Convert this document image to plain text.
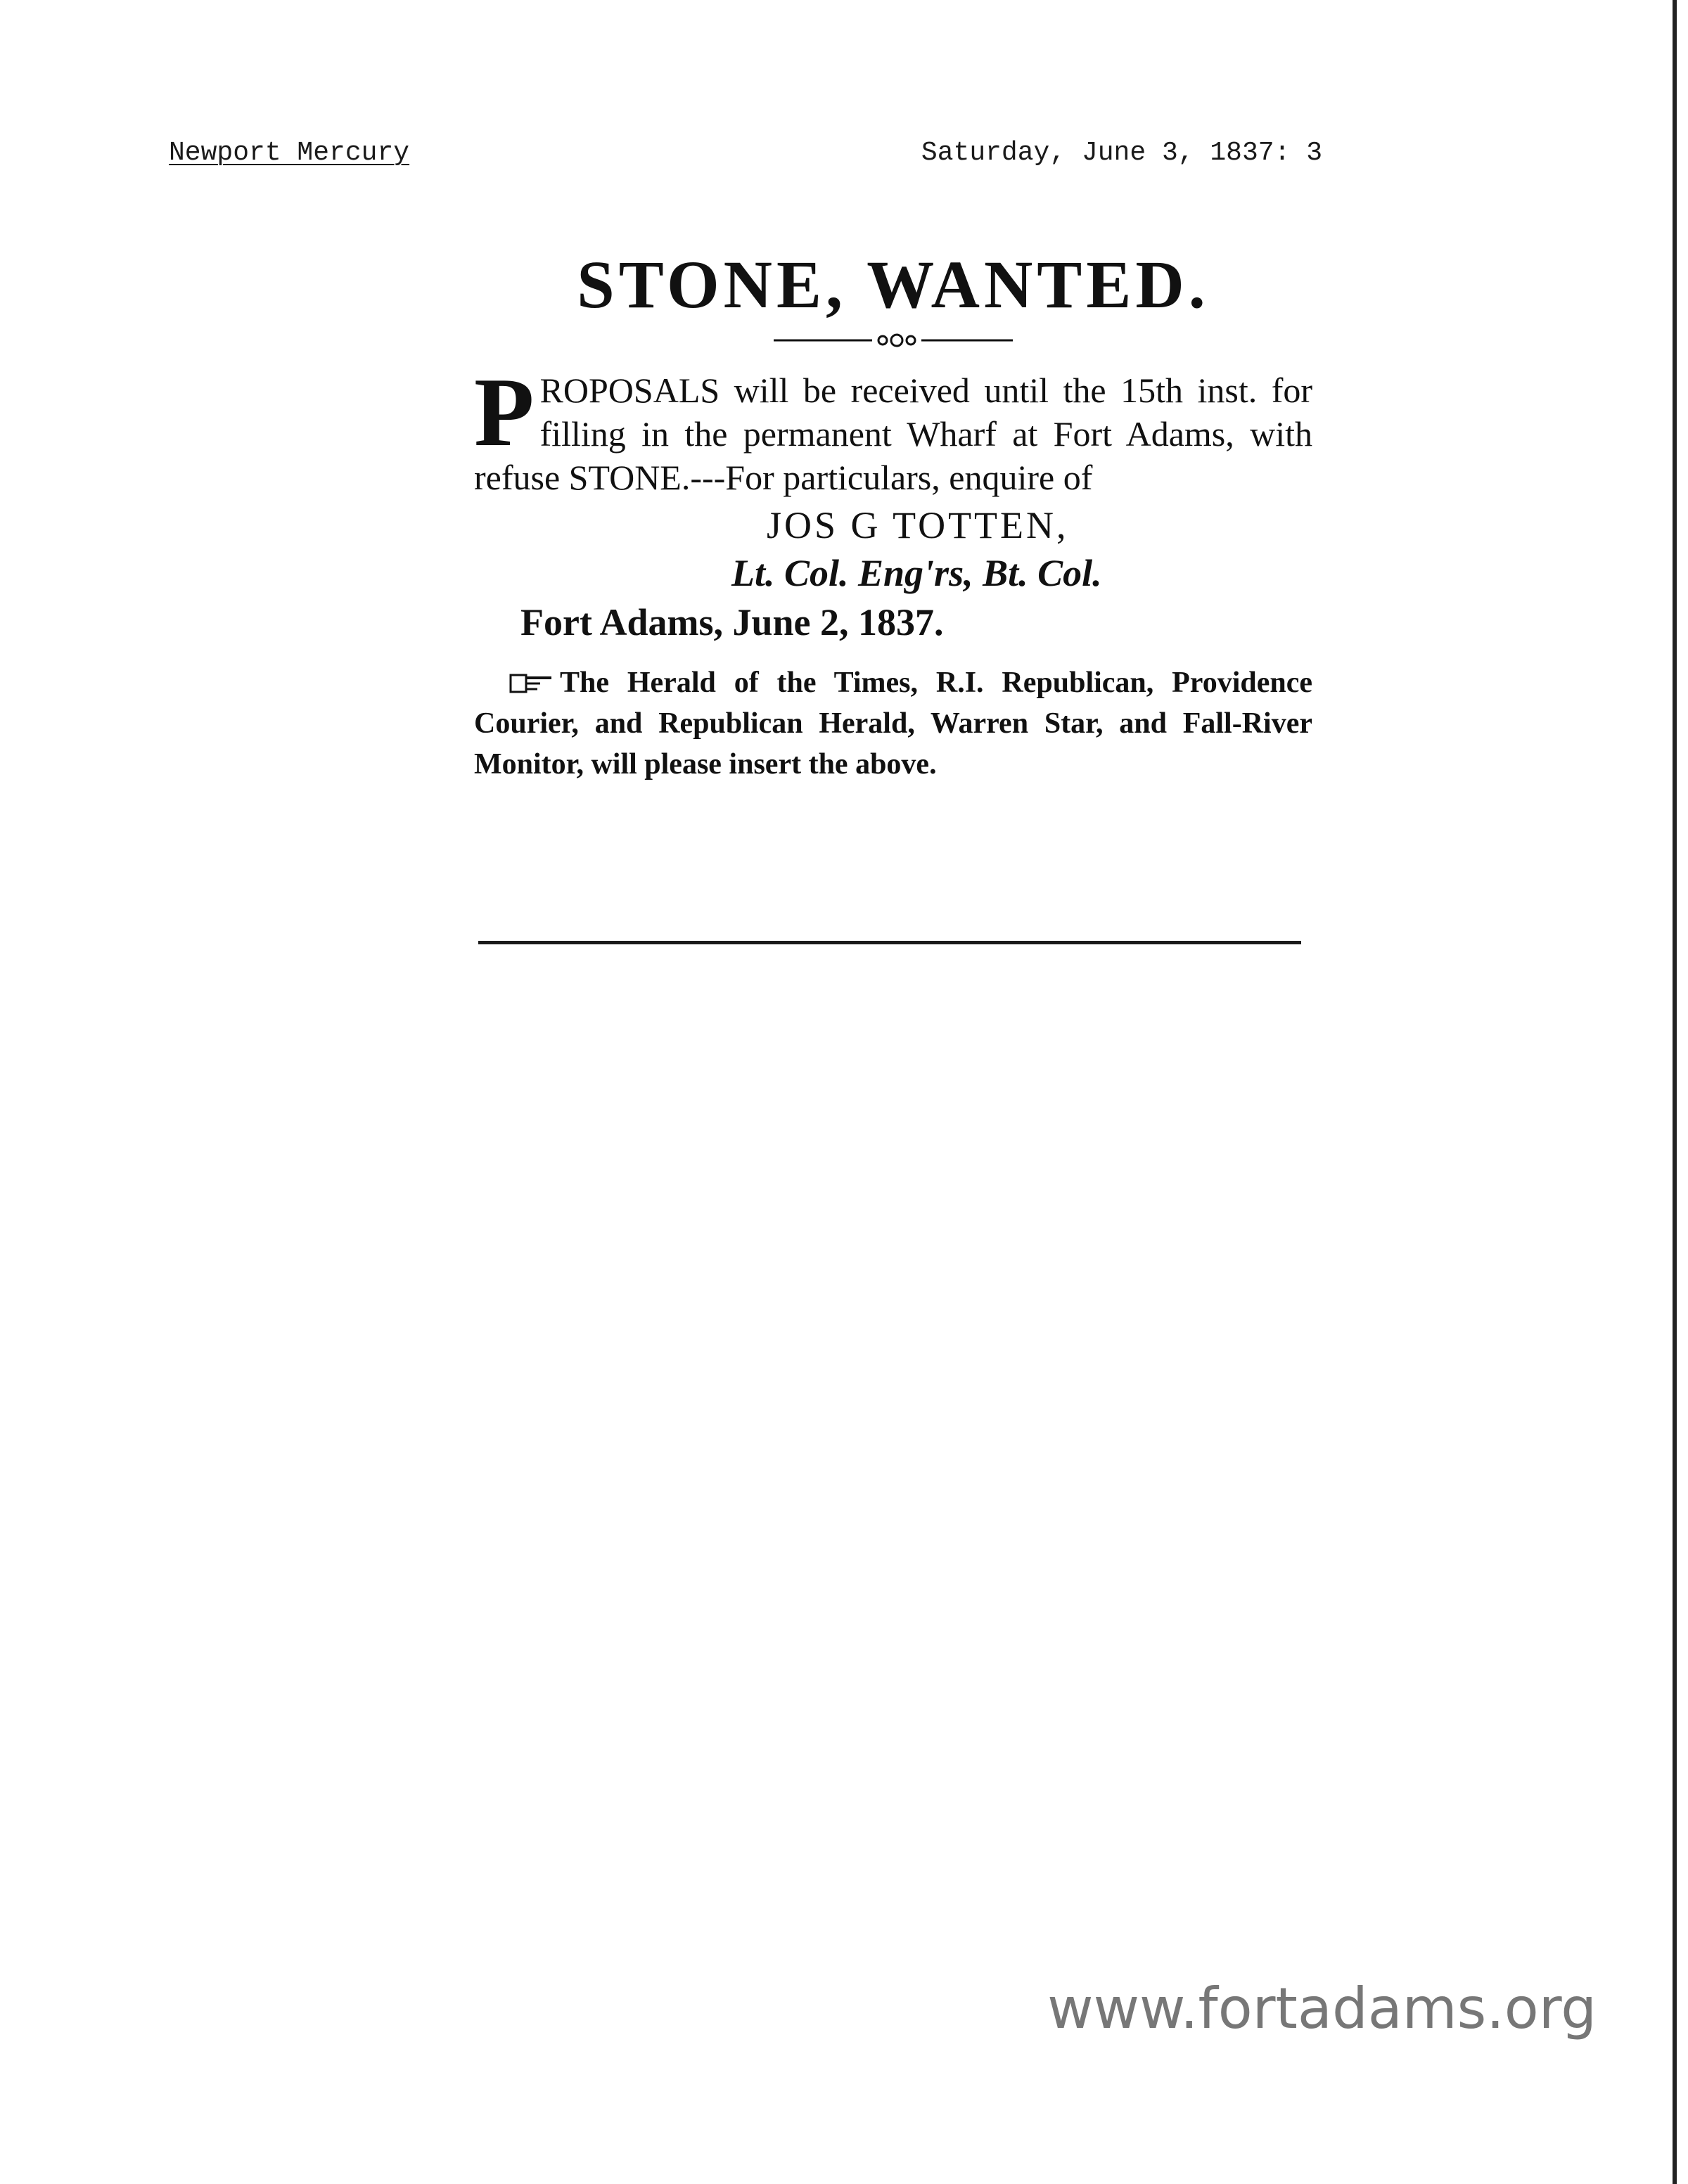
Newport Mercury	Saturday, June 3, 1837: 3
STONE, WANTED.

PROPOSALS will be received until the 15th inst. for filling in the permanent Wharf at Fort Adams, with refuse STONE.---For particulars, enquire of

JOS G TOTTEN,
Lt. Col. Eng'rs, Bt. Col.
Fort Adams, June 2, 1837.

The Herald of the Times, R.I. Republican, Providence Courier, and Republican Herald, Warren Star, and Fall-River Monitor, will please insert the above.

www.fortadams.org
